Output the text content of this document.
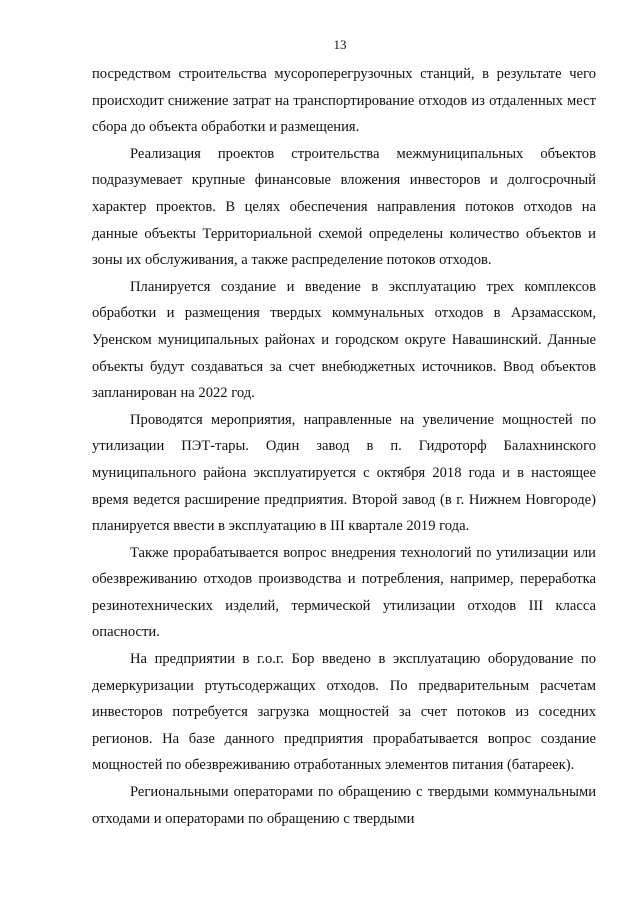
13

посредством строительства мусороперегрузочных станций, в результате чего происходит снижение затрат на транспортирование отходов из отдаленных мест сбора до объекта обработки и размещения.

Реализация проектов строительства межмуниципальных объектов подразумевает крупные финансовые вложения инвесторов и долгосрочный характер проектов. В целях обеспечения направления потоков отходов на данные объекты Территориальной схемой определены количество объектов и зоны их обслуживания, а также распределение потоков отходов.

Планируется создание и введение в эксплуатацию трех комплексов обработки и размещения твердых коммунальных отходов в Арзамасском, Уренском муниципальных районах и городском округе Навашинский. Данные объекты будут создаваться за счет внебюджетных источников. Ввод объектов запланирован на 2022 год.

Проводятся мероприятия, направленные на увеличение мощностей по утилизации ПЭТ-тары. Один завод в п. Гидроторф Балахнинского муниципального района эксплуатируется с октября 2018 года и в настоящее время ведется расширение предприятия. Второй завод (в г. Нижнем Новгороде) планируется ввести в эксплуатацию в III квартале 2019 года.

Также прорабатывается вопрос внедрения технологий по утилизации или обезвреживанию отходов производства и потребления, например, переработка резинотехнических изделий, термической утилизации отходов III класса опасности.

На предприятии в г.о.г. Бор введено в эксплуатацию оборудование по демеркуризации ртутьсодержащих отходов. По предварительным расчетам инвесторов потребуется загрузка мощностей за счет потоков из соседних регионов. На базе данного предприятия прорабатывается вопрос создание мощностей по обезвреживанию отработанных элементов питания (батареек).

Региональными операторами по обращению с твердыми коммунальными отходами и операторами по обращению с твердыми
